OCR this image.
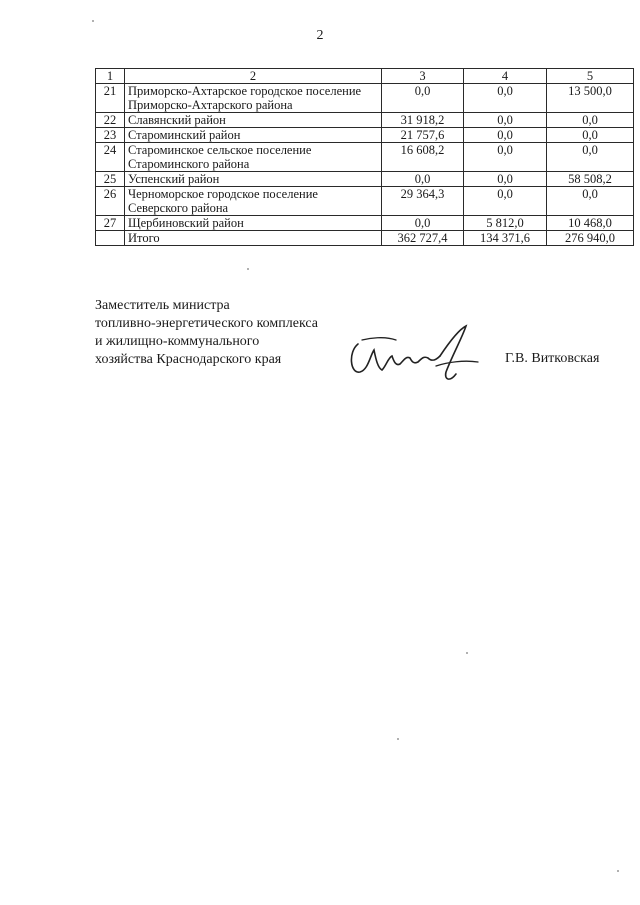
2
1	2	3	4	5
21	Приморско-Ахтарское городское поселение
Приморско-Ахтарского района	0,0	0,0	13 500,0
22	Славянский район	31 918,2	0,0	0,0
23	Староминский район	21 757,6	0,0	0,0
24	Староминское сельское поселение
Староминского района	16 608,2	0,0	0,0
25	Успенский район	0,0	0,0	58 508,2
26	Черноморское городское поселение
Северского района	29 364,3	0,0	0,0
27	Щербиновский район	0,0	5 812,0	10 468,0
	Итого	362 727,4	134 371,6	276 940,0
Заместитель министра
топливно-энергетического комплекса
и жилищно-коммунального
хозяйства Краснодарского края	Г.В. Витковская
